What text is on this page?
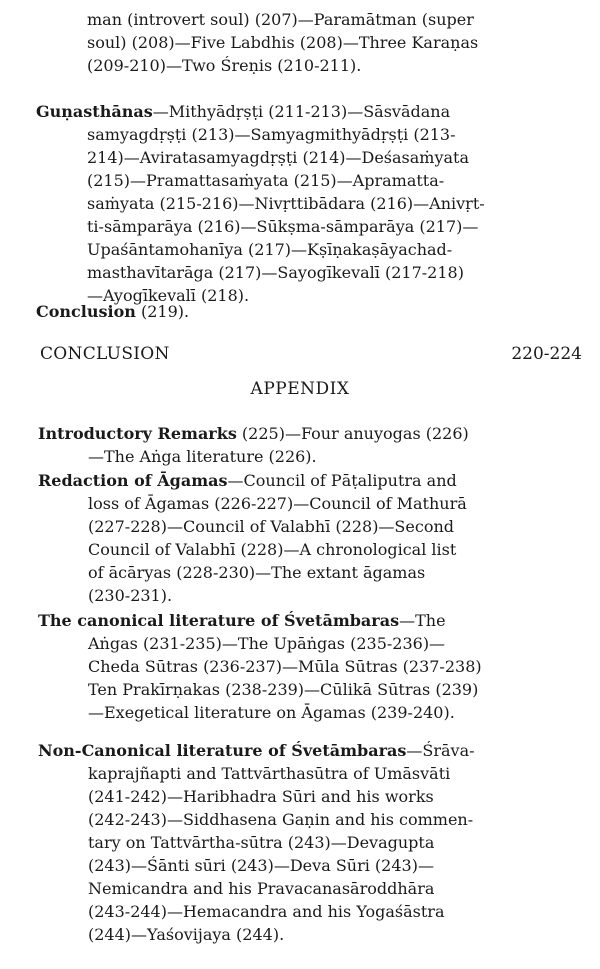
man (introvert soul) (207)—Paramātman (super
soul) (208)—Five Labdhis (208)—Three Karaṇas
(209-210)—Two Śreṇis (210-211).
Guṇasthānas—Mithyādṛṣṭi (211-213)—Sāsvādana
samyagdṛṣṭi (213)—Samyagmithyādṛṣṭi (213-
214)—Aviratasamyagdṛṣṭi (214)—Deśasaṁyata
(215)—Pramattasaṁyata (215)—Apramatta-
saṁyata (215-216)—Nivṛttibādara (216)—Anivṛt-
ti-sāmparāya (216)—Sūkṣma-sāmparāya (217)—
Upaśāntamohanīya (217)—Kṣīṇakaṣāyachad-
masthavītarāga (217)—Sayogīkevalī (217-218)
—Ayogīkevalī (218).
Conclusion (219).
CONCLUSION	220-224
APPENDIX
Introductory Remarks (225)—Four anuyogas (226)
—The Aṅga literature (226).
Redaction of Āgamas—Council of Pāṭaliputra and
loss of Āgamas (226-227)—Council of Mathurā
(227-228)—Council of Valabhī (228)—Second
Council of Valabhī (228)—A chronological list
of ācāryas (228-230)—The extant āgamas
(230-231).
The canonical literature of Śvetāmbaras—The
Aṅgas (231-235)—The Upāṅgas (235-236)—
Cheda Sūtras (236-237)—Mūla Sūtras (237-238)
Ten Prakīrṇakas (238-239)—Cūlikā Sūtras (239)
—Exegetical literature on Āgamas (239-240).
Non-Canonical literature of Śvetāmbaras—Śrāva-
kaprajñapti and Tattvārthasūtra of Umāsvāti
(241-242)—Haribhadra Sūri and his works
(242-243)—Siddhasena Gaṇin and his commen-
tary on Tattvārtha-sūtra (243)—Devagupta
(243)—Śānti sūri (243)—Deva Sūri (243)—
Nemicandra and his Pravacanasāroddhāra
(243-244)—Hemacandra and his Yogaśāstra
(244)—Yaśovijaya (244).
